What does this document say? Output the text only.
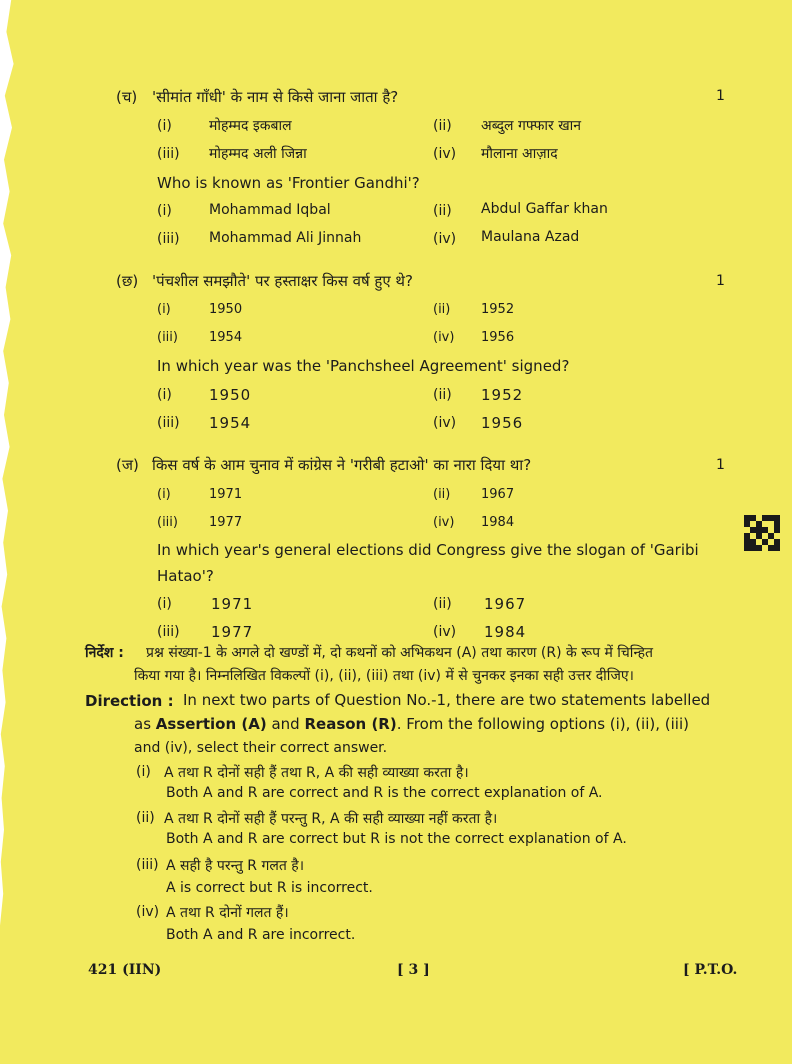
(च) 'सीमांत गाँधी' के नाम से किसे जाना जाता है?	1
(i)	मोहम्मद इकबाल	(ii) अब्दुल गफ्फार खान
(iii) मोहम्मद अली जिन्ना	(iv) मौलाना आज़ाद
Who is known as 'Frontier Gandhi'?
(i)	Mohammad Iqbal	(ii) Abdul Gaffar khan
(iii) Mohammad Ali Jinnah	(iv) Maulana Azad
(छ) 'पंचशील समझौते' पर हस्ताक्षर किस वर्ष हुए थे?	1
(i)	1950	(ii) 1952
(iii) 1954	(iv) 1956
In which year was the 'Panchsheel Agreement' signed?
(i) 1950	(ii) 1952
(iii) 1954	(iv) 1956
(ज) किस वर्ष के आम चुनाव में कांग्रेस ने 'गरीबी हटाओ' का नारा दिया था?	1
(i)	1971	(ii) 1967
(iii) 1977	(iv) 1984
In which year's general elections did Congress give the slogan of 'Garibi
Hatao'?
(i)	1971	(ii) 1967
(iii) 1977	(iv) 1984
निर्देश : प्रश्न संख्या-1 के अगले दो खण्डों में, दो कथनों को अभिकथन (A) तथा कारण (R) के रूप में चिन्हित
किया गया है। निम्नलिखित विकल्पों (i), (ii), (iii) तथा (iv) में से चुनकर इनका सही उत्तर दीजिए।
Direction : In next two parts of Question No.-1, there are two statements labelled
as Assertion (A) and Reason (R). From the following options (i), (ii), (iii)
and (iv), select their correct answer.
(i) A तथा R दोनों सही हैं तथा R, A की सही व्याख्या करता है।
Both A and R are correct and R is the correct explanation of A.
(ii) A तथा R दोनों सही हैं परन्तु R, A की सही व्याख्या नहीं करता है।
Both A and R are correct but R is not the correct explanation of A.
(iii) A सही है परन्तु R गलत है।
A is correct but R is incorrect.
(iv) A तथा R दोनों गलत हैं।
Both A and R are incorrect.
421 (IIN)	[ 3 ]	[ P.T.O.
